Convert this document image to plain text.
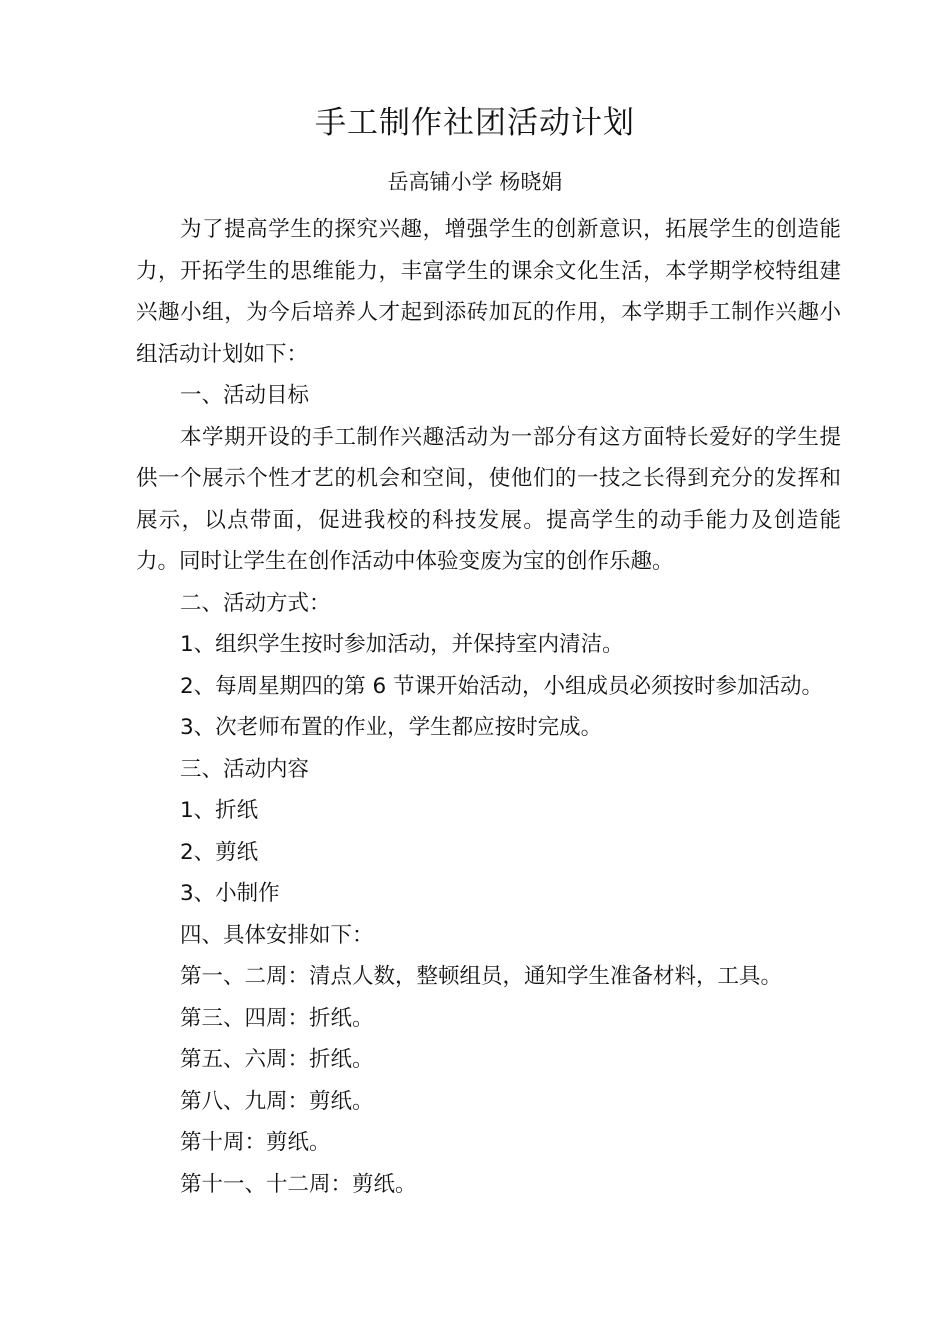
手工制作社团活动计划
岳高铺小学 杨晓娟

为了提高学生的探究兴趣，增强学生的创新意识，拓展学生的创造能力，开拓学生的思维能力，丰富学生的课余文化生活，本学期学校特组建兴趣小组，为今后培养人才起到添砖加瓦的作用，本学期手工制作兴趣小组活动计划如下：

一、活动目标

本学期开设的手工制作兴趣活动为一部分有这方面特长爱好的学生提供一个展示个性才艺的机会和空间，使他们的一技之长得到充分的发挥和展示，以点带面，促进我校的科技发展。提高学生的动手能力及创造能力。同时让学生在创作活动中体验变废为宝的创作乐趣。

二、活动方式：
1、组织学生按时参加活动，并保持室内清洁。
2、每周星期四的第 6 节课开始活动，小组成员必须按时参加活动。
3、次老师布置的作业，学生都应按时完成。
三、活动内容
1、折纸
2、剪纸
3、小制作
四、具体安排如下：
第一、二周：清点人数，整顿组员，通知学生准备材料，工具。
第三、四周：折纸。
第五、六周：折纸。
第八、九周：剪纸。
第十周：剪纸。
第十一、十二周：剪纸。
